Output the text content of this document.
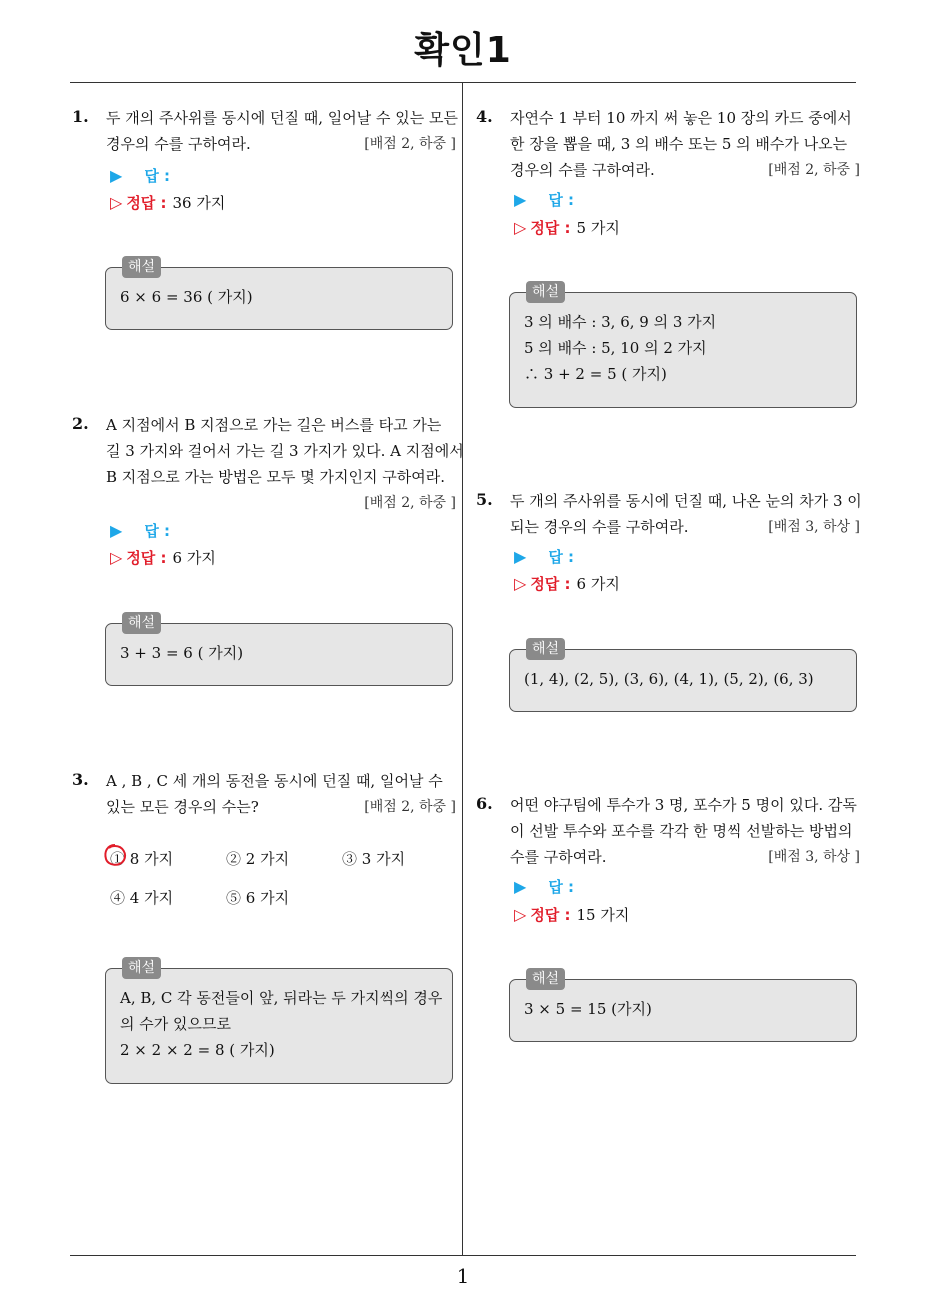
확인1
1
1. 두 개의 주사위를 동시에 던질 때, 일어날 수 있는 모든
경우의 수를 구하여라.	[배점 2, 하중 ]
▶ 답 :
▷ 정답 : 36 가지
해설
6 × 6 = 36 ( 가지)
2. A 지점에서 B 지점으로 가는 길은 버스를 타고 가는
길 3 가지와 걸어서 가는 길 3 가지가 있다. A 지점에서
B 지점으로 가는 방법은 모두 몇 가지인지 구하여라.
[배점 2, 하중 ]
▶ 답 :
▷ 정답 : 6 가지
해설
3 + 3 = 6 ( 가지)
3. A , B , C 세 개의 동전을 동시에 던질 때, 일어날 수
있는 모든 경우의 수는?	[배점 2, 하중 ]
① 8 가지	② 2 가지	③ 3 가지
④ 4 가지	⑤ 6 가지
해설
A, B, C 각 동전들이 앞, 뒤라는 두 가지씩의 경우
의 수가 있으므로
2 × 2 × 2 = 8 ( 가지)
4. 자연수 1 부터 10 까지 써 놓은 10 장의 카드 중에서
한 장을 뽑을 때, 3 의 배수 또는 5 의 배수가 나오는
경우의 수를 구하여라.	[배점 2, 하중 ]
▶ 답 :
▷ 정답 : 5 가지
해설
3 의 배수 : 3, 6, 9 의 3 가지
5 의 배수 : 5, 10 의 2 가지
∴ 3 + 2 = 5 ( 가지)
5. 두 개의 주사위를 동시에 던질 때, 나온 눈의 차가 3 이
되는 경우의 수를 구하여라.	[배점 3, 하상 ]
▶ 답 :
▷ 정답 : 6 가지
해설
(1, 4), (2, 5), (3, 6), (4, 1), (5, 2), (6, 3)
6. 어떤 야구팀에 투수가 3 명, 포수가 5 명이 있다. 감독
이 선발 투수와 포수를 각각 한 명씩 선발하는 방법의
수를 구하여라.	[배점 3, 하상 ]
▶ 답 :
▷ 정답 : 15 가지
해설
3 × 5 = 15 (가지)
